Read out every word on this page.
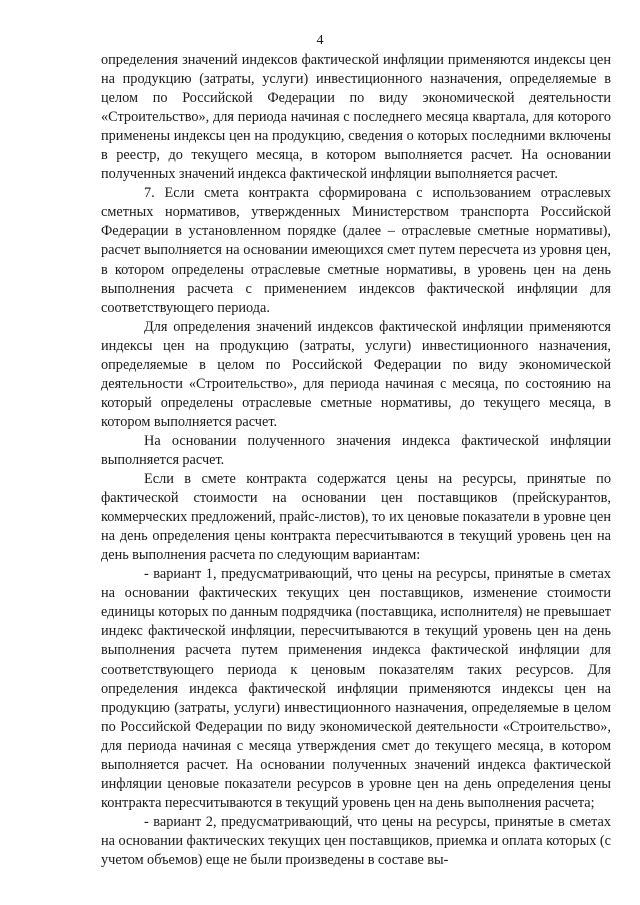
4

определения значений индексов фактической инфляции применяются индексы цен на продукцию (затраты, услуги) инвестиционного назначения, определяемые в целом по Российской Федерации по виду экономической деятельности «Строительство», для периода начиная с последнего месяца квартала, для которого применены индексы цен на продукцию, сведения о которых последними включены в реестр, до текущего месяца, в котором выполняется расчет. На основании полученных значений индекса фактической инфляции выполняется расчет.

7. Если смета контракта сформирована с использованием отраслевых сметных нормативов, утвержденных Министерством транспорта Российской Федерации в установленном порядке (далее – отраслевые сметные нормативы), расчет выполняется на основании имеющихся смет путем пересчета из уровня цен, в котором определены отраслевые сметные нормативы, в уровень цен на день выполнения расчета с применением индексов фактической инфляции для соответствующего периода.

Для определения значений индексов фактической инфляции применяются индексы цен на продукцию (затраты, услуги) инвестиционного назначения, определяемые в целом по Российской Федерации по виду экономической деятельности «Строительство», для периода начиная с месяца, по состоянию на который определены отраслевые сметные нормативы, до текущего месяца, в котором выполняется расчет.

На основании полученного значения индекса фактической инфляции выполняется расчет.

Если в смете контракта содержатся цены на ресурсы, принятые по фактической стоимости на основании цен поставщиков (прейскурантов, коммерческих предложений, прайс-листов), то их ценовые показатели в уровне цен на день определения цены контракта пересчитываются в текущий уровень цен на день выполнения расчета по следующим вариантам:

- вариант 1, предусматривающий, что цены на ресурсы, принятые в сметах на основании фактических текущих цен поставщиков, изменение стоимости единицы которых по данным подрядчика (поставщика, исполнителя) не превышает индекс фактической инфляции, пересчитываются в текущий уровень цен на день выполнения расчета путем применения индекса фактической инфляции для соответствующего периода к ценовым показателям таких ресурсов. Для определения индекса фактической инфляции применяются индексы цен на продукцию (затраты, услуги) инвестиционного назначения, определяемые в целом по Российской Федерации по виду экономической деятельности «Строительство», для периода начиная с месяца утверждения смет до текущего месяца, в котором выполняется расчет. На основании полученных значений индекса фактической инфляции ценовые показатели ресурсов в уровне цен на день определения цены контракта пересчитываются в текущий уровень цен на день выполнения расчета;

- вариант 2, предусматривающий, что цены на ресурсы, принятые в сметах на основании фактических текущих цен поставщиков, приемка и оплата которых (с учетом объемов) еще не были произведены в составе вы-
